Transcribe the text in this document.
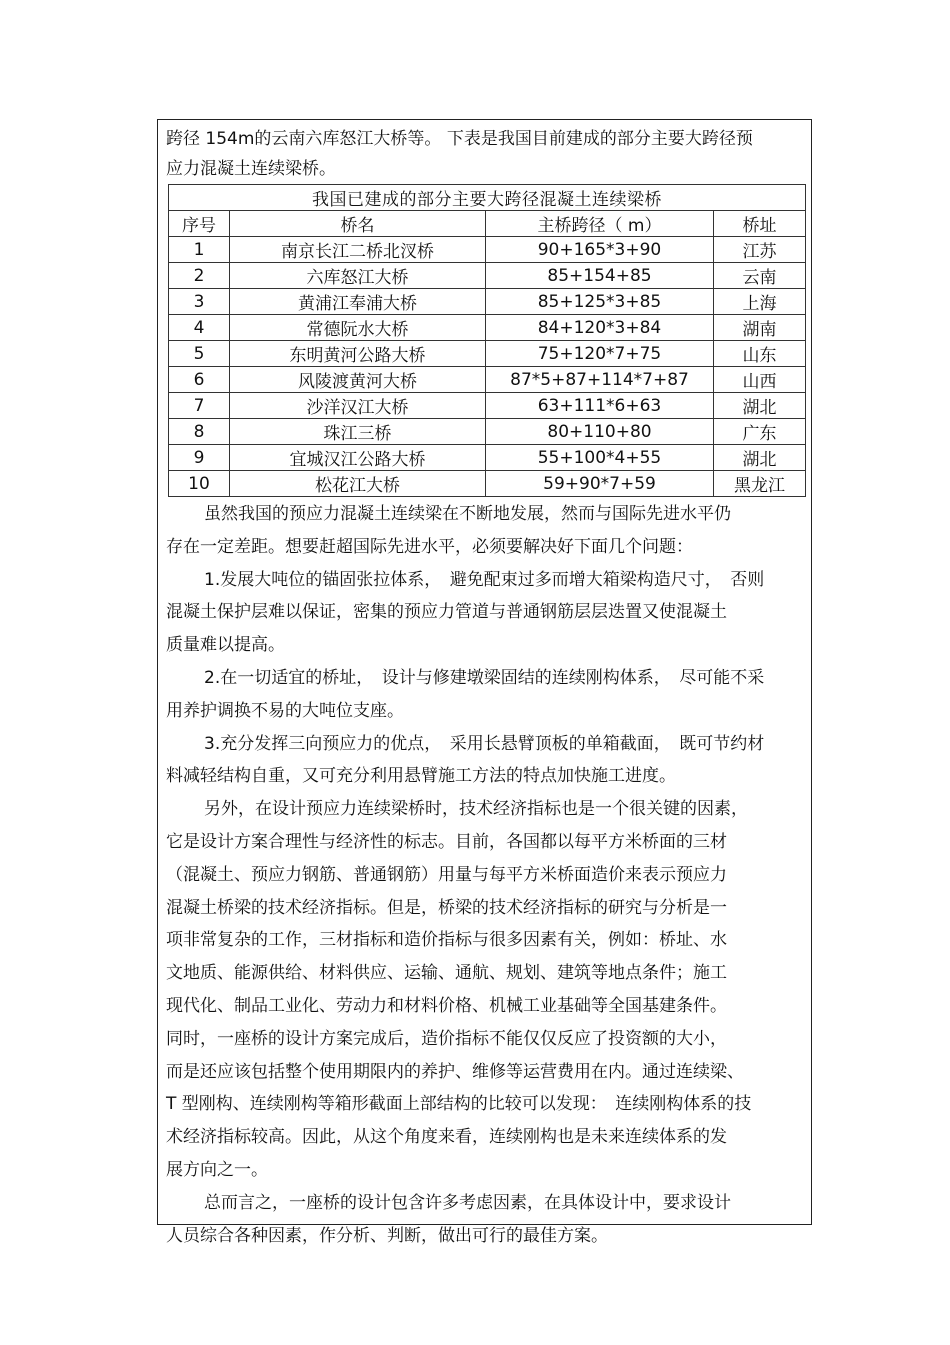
跨径 154m的云南六库怒江大桥等。 下表是我国目前建成的部分主要大跨径预
应力混凝土连续梁桥。
我国已建成的部分主要大跨径混凝土连续梁桥			
序号	桥名	主桥跨径（ m）	桥址
1	南京长江二桥北汊桥	90+165*3+90	江苏
2	六库怒江大桥	85+154+85	云南
3	黄浦江奉浦大桥	85+125*3+85	上海
4	常德阮水大桥	84+120*3+84	湖南
5	东明黄河公路大桥	75+120*7+75	山东
6	风陵渡黄河大桥	87*5+87+114*7+87	山西
7	沙洋汉江大桥	63+111*6+63	湖北
8	珠江三桥	80+110+80	广东
9	宜城汉江公路大桥	55+100*4+55	湖北
10	松花江大桥	59+90*7+59	黑龙江
虽然我国的预应力混凝土连续梁在不断地发展，然而与国际先进水平仍
存在一定差距。想要赶超国际先进水平，必须要解决好下面几个问题：
1.发展大吨位的锚固张拉体系，　避免配束过多而增大箱梁构造尺寸，　否则
混凝土保护层难以保证，密集的预应力管道与普通钢筋层层迭置又使混凝土
质量难以提高。
2.在一切适宜的桥址，　设计与修建墩梁固结的连续刚构体系，　尽可能不采
用养护调换不易的大吨位支座。
3.充分发挥三向预应力的优点，　采用长悬臂顶板的单箱截面，　既可节约材
料减轻结构自重，又可充分利用悬臂施工方法的特点加快施工进度。
另外，在设计预应力连续梁桥时，技术经济指标也是一个很关键的因素，
它是设计方案合理性与经济性的标志。目前，各国都以每平方米桥面的三材
（混凝土、预应力钢筋、普通钢筋）用量与每平方米桥面造价来表示预应力
混凝土桥梁的技术经济指标。但是，桥梁的技术经济指标的研究与分析是一
项非常复杂的工作，三材指标和造价指标与很多因素有关，例如：桥址、水
文地质、能源供给、材料供应、运输、通航、规划、建筑等地点条件；施工
现代化、制品工业化、劳动力和材料价格、机械工业基础等全国基建条件。
同时，一座桥的设计方案完成后，造价指标不能仅仅反应了投资额的大小，
而是还应该包括整个使用期限内的养护、维修等运营费用在内。通过连续梁、
T 型刚构、连续刚构等箱形截面上部结构的比较可以发现：　连续刚构体系的技
术经济指标较高。因此，从这个角度来看，连续刚构也是未来连续体系的发
展方向之一。
总而言之，一座桥的设计包含许多考虑因素，在具体设计中，要求设计
人员综合各种因素，作分析、判断，做出可行的最佳方案。
